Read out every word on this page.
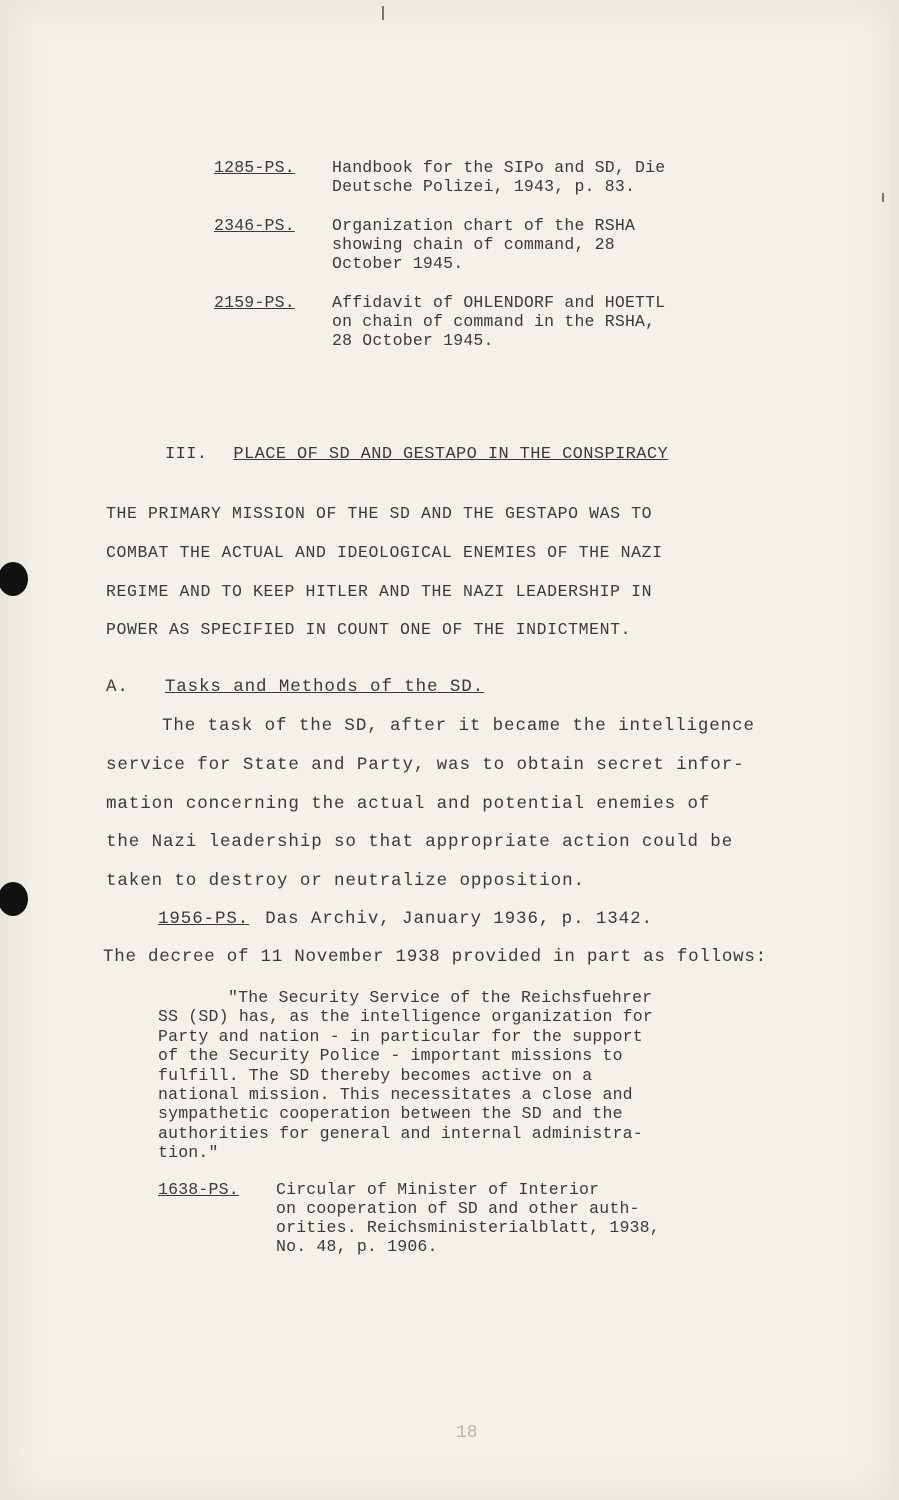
1285-PS. Handbook for the SIPo and SD, Die
Deutsche Polizei, 1943, p. 83.
2346-PS. Organization chart of the RSHA
showing chain of command, 28
October 1945.
2159-PS. Affidavit of OHLENDORF and HOETTL
on chain of command in the RSHA,
28 October 1945.
III. PLACE OF SD AND GESTAPO IN THE CONSPIRACY
THE PRIMARY MISSION OF THE SD AND THE GESTAPO WAS TO
COMBAT THE ACTUAL AND IDEOLOGICAL ENEMIES OF THE NAZI
REGIME AND TO KEEP HITLER AND THE NAZI LEADERSHIP IN
POWER AS SPECIFIED IN COUNT ONE OF THE INDICTMENT.
A. Tasks and Methods of the SD.
The task of the SD, after it became the intelligence
service for State and Party, was to obtain secret infor-
mation concerning the actual and potential enemies of
the Nazi leadership so that appropriate action could be
taken to destroy or neutralize opposition.
1956-PS. Das Archiv, January 1936, p. 1342.
The decree of 11 November 1938 provided in part as follows:
"The Security Service of the Reichsfuehrer
SS (SD) has, as the intelligence organization for
Party and nation - in particular for the support
of the Security Police - important missions to
fulfill. The SD thereby becomes active on a
national mission. This necessitates a close and
sympathetic cooperation between the SD and the
authorities for general and internal administra-
tion."
1638-PS. Circular of Minister of Interior
on cooperation of SD and other auth-
orities. Reichsministerialblatt, 1938,
No. 48, p. 1906.
18
